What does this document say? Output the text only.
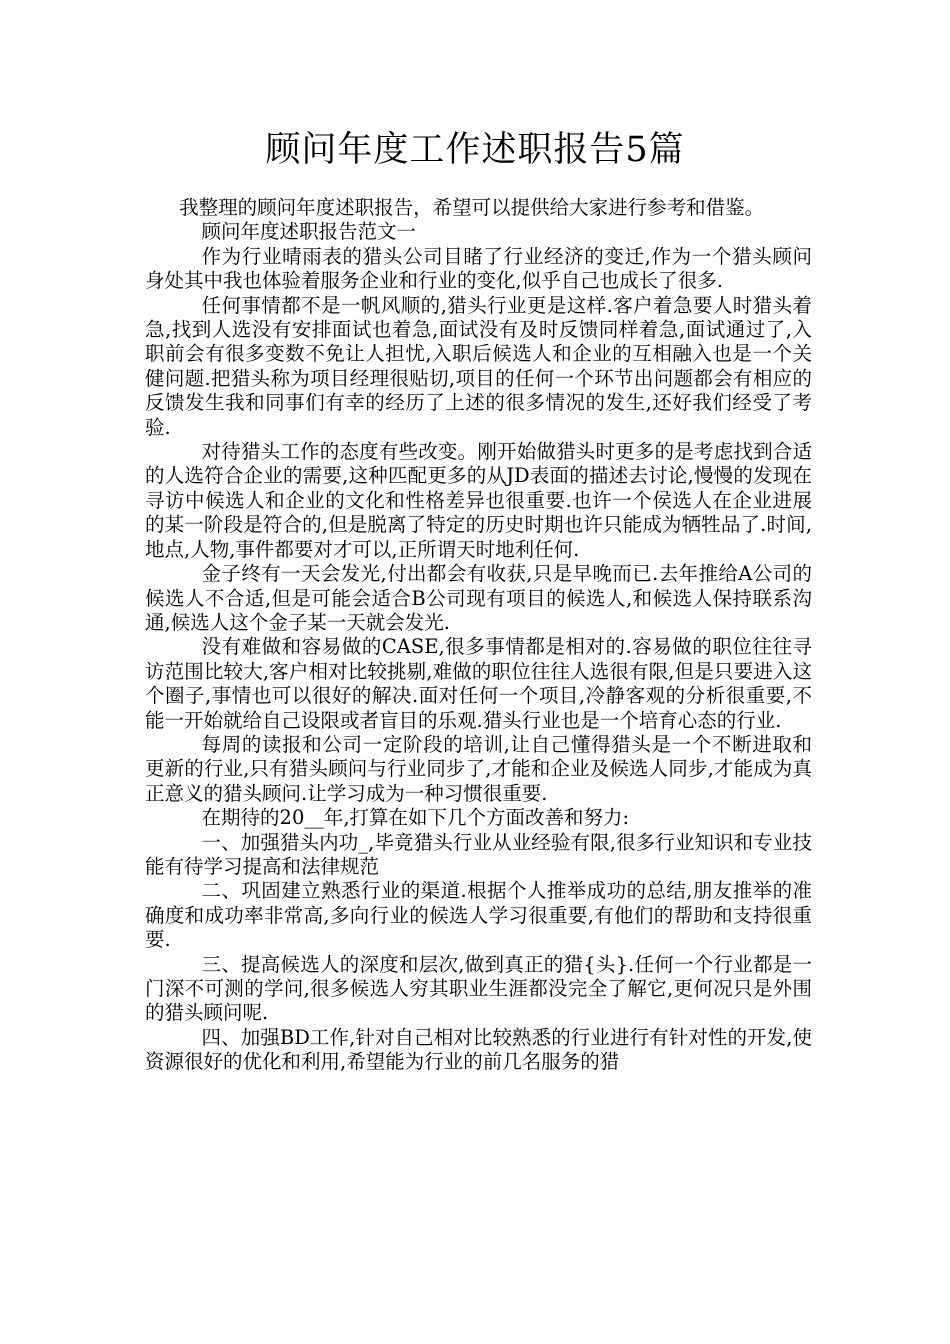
顾问年度工作述职报告5篇

我整理的顾问年度述职报告，希望可以提供给大家进行参考和借鉴。

顾问年度述职报告范文一

作为行业晴雨表的猎头公司目睹了行业经济的变迁,作为一个猎头顾问身处其中我也体验着服务企业和行业的变化,似乎自己也成长了很多.

任何事情都不是一帆风顺的,猎头行业更是这样.客户着急要人时猎头着急,找到人选没有安排面试也着急,面试没有及时反馈同样着急,面试通过了,入职前会有很多变数不免让人担忧,入职后候选人和企业的互相融入也是一个关健问题.把猎头称为项目经理很贴切,项目的任何一个环节出问题都会有相应的反馈发生我和同事们有幸的经历了上述的很多情况的发生,还好我们经受了考验.

对待猎头工作的态度有些改变。刚开始做猎头时更多的是考虑找到合适的人选符合企业的需要,这种匹配更多的从JD表面的描述去讨论,慢慢的发现在寻访中候选人和企业的文化和性格差异也很重要.也许一个侯选人在企业进展的某一阶段是符合的,但是脱离了特定的历史时期也许只能成为牺牲品了.时间,地点,人物,事件都要对才可以,正所谓天时地利任何.

金子终有一天会发光,付出都会有收获,只是早晚而已.去年推给A公司的候选人不合适,但是可能会适合B公司现有项目的候选人,和候选人保持联系沟通,候选人这个金子某一天就会发光.

没有难做和容易做的CASE,很多事情都是相对的.容易做的职位往往寻访范围比较大,客户相对比较挑剔,难做的职位往往人选很有限,但是只要进入这个圈子,事情也可以很好的解决.面对任何一个项目,冷静客观的分析很重要,不能一开始就给自己设限或者盲目的乐观.猎头行业也是一个培育心态的行业.

每周的读报和公司一定阶段的培训,让自己懂得猎头是一个不断进取和更新的行业,只有猎头顾问与行业同步了,才能和企业及候选人同步,才能成为真正意义的猎头顾问.让学习成为一种习惯很重要.

在期待的20__年,打算在如下几个方面改善和努力:

一、加强猎头内功_,毕竟猎头行业从业经验有限,很多行业知识和专业技能有待学习提高和法律规范

二、巩固建立熟悉行业的渠道.根据个人推举成功的总结,朋友推举的准确度和成功率非常高,多向行业的候选人学习很重要,有他们的帮助和支持很重要.

三、提高候选人的深度和层次,做到真正的猎{头}.任何一个行业都是一门深不可测的学问,很多候选人穷其职业生涯都没完全了解它,更何况只是外围的猎头顾问呢.

四、加强BD工作,针对自己相对比较熟悉的行业进行有针对性的开发,使资源很好的优化和利用,希望能为行业的前几名服务的猎
